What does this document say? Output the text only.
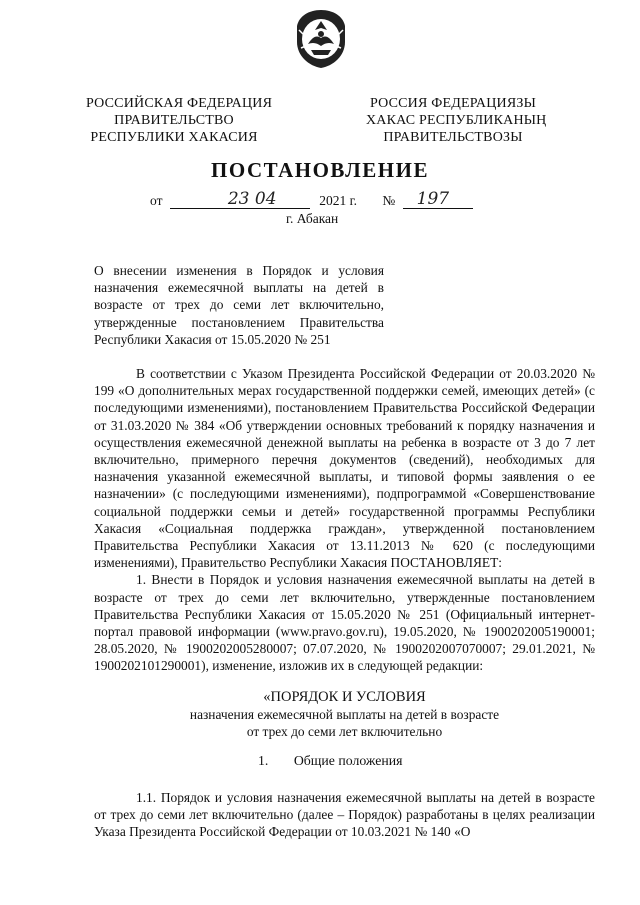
РОССИЙСКАЯ ФЕДЕРАЦИЯ
ПРАВИТЕЛЬСТВО
РЕСПУБЛИКИ ХАКАСИЯ
РОССИЯ ФЕДЕРАЦИЯЗЫ
ХАКАС РЕСПУБЛИКАНЫҢ
ПРАВИТЕЛЬСТВОЗЫ
ПОСТАНОВЛЕНИЕ
от	23 04	2021 г. № 197
г. Абакан
О внесении изменения в Порядок и условия назначения ежемесячной выплаты на детей в возрасте от трех до семи лет включительно, утвержденные постановлением Правительства Республики Хакасия от 15.05.2020 № 251

В соответствии с Указом Президента Российской Федерации от 20.03.2020 № 199 «О дополнительных мерах государственной поддержки семей, имеющих детей» (с последующими изменениями), постановлением Правительства Российской Федерации от 31.03.2020 № 384 «Об утверждении основных требований к порядку назначения и осуществления ежемесячной денежной выплаты на ребенка в возрасте от 3 до 7 лет включительно, примерного перечня документов (сведений), необходимых для назначения указанной ежемесячной выплаты, и типовой формы заявления о ее назначении» (с последующими изменениями), подпрограммой «Совершенствование социальной поддержки семьи и детей» государственной программы Республики Хакасия «Социальная поддержка граждан», утвержденной постановлением Правительства Республики Хакасия от 13.11.2013 № 620 (с последующими изменениями), Правительство Республики Хакасия ПОСТАНОВЛЯЕТ:

1. Внести в Порядок и условия назначения ежемесячной выплаты на детей в возрасте от трех до семи лет включительно, утвержденные постановлением Правительства Республики Хакасия от 15.05.2020 № 251 (Официальный интернет-портал правовой информации (www.pravo.gov.ru), 19.05.2020, № 1900202005190001; 28.05.2020, № 1900202005280007; 07.07.2020, № 1900202007070007; 29.01.2021, № 1900202101290001), изменение, изложив их в следующей редакции:

«ПОРЯДОК И УСЛОВИЯ

назначения ежемесячной выплаты на детей в возрасте

от трех до семи лет включительно

1. Общие положения

1.1. Порядок и условия назначения ежемесячной выплаты на детей в возрасте от трех до семи лет включительно (далее – Порядок) разработаны в целях реализации Указа Президента Российской Федерации от 10.03.2021 № 140 «О
